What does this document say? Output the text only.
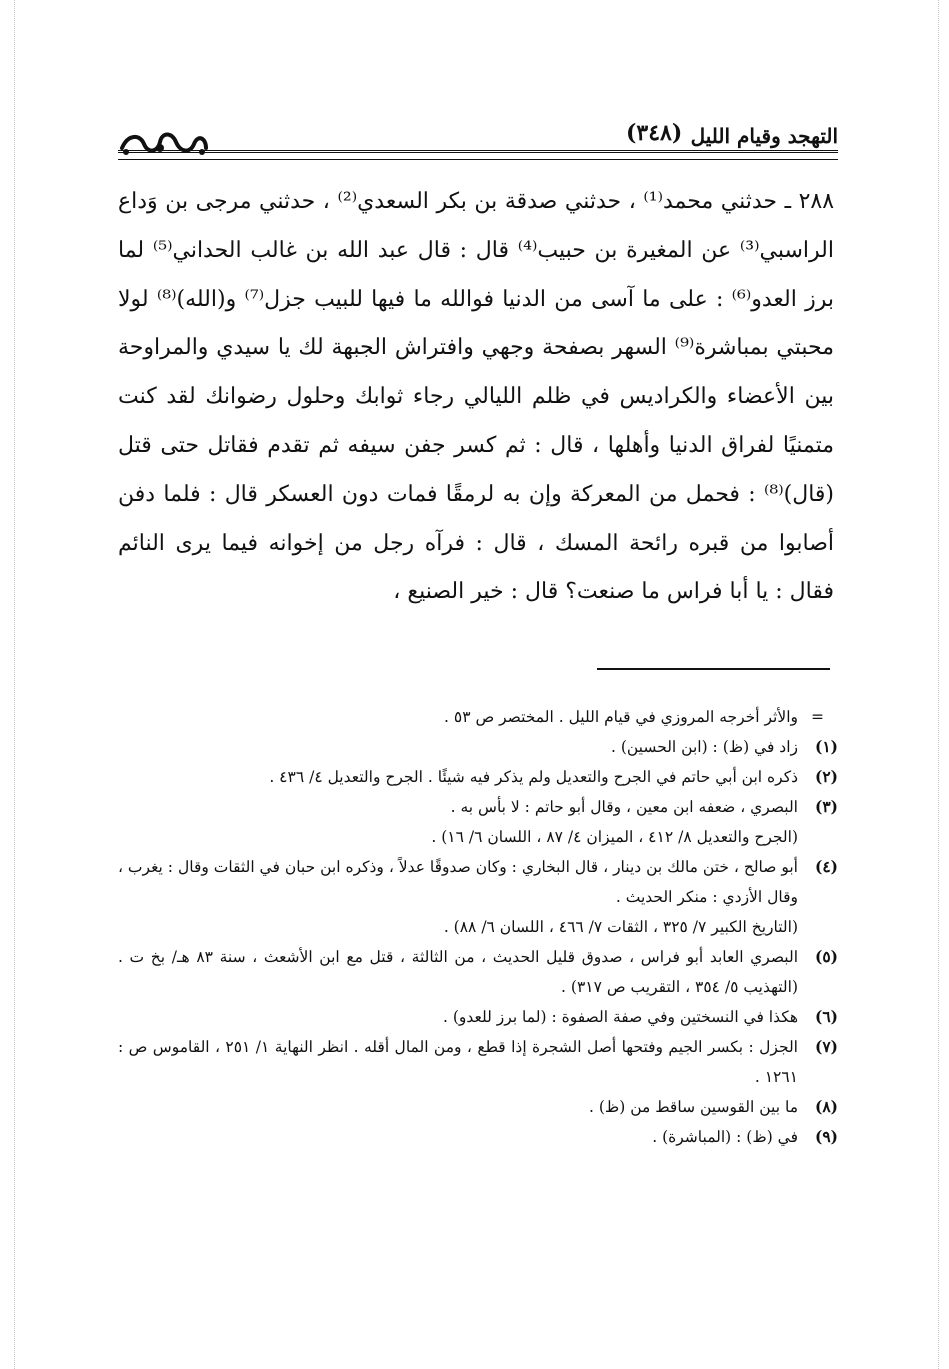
(٣٤٨) التهجد وقيام الليل

٢٨٨ ـ حدثني محمد⁽¹⁾ ، حدثني صدقة بن بكر السعدي⁽²⁾ ، حدثني مرجى بن وَداع الراسبي⁽³⁾ عن المغيرة بن حبيب⁽⁴⁾ قال : قال عبد الله بن غالب الحداني⁽⁵⁾ لما برز العدو⁽⁶⁾ : على ما آسى من الدنيا فوالله ما فيها للبيب جزل⁽⁷⁾ و(الله)⁽⁸⁾ لولا محبتي بمباشرة⁽⁹⁾ السهر بصفحة وجهي وافتراش الجبهة لك يا سيدي والمراوحة بين الأعضاء والكراديس في ظلم الليالي رجاء ثوابك وحلول رضوانك لقد كنت متمنيًا لفراق الدنيا وأهلها ، قال : ثم كسر جفن سيفه ثم تقدم فقاتل حتى قتل (قال)⁽⁸⁾ : فحمل من المعركة وإن به لرمقًا فمات دون العسكر قال : فلما دفن أصابوا من قبره رائحة المسك ، قال : فرآه رجل من إخوانه فيما يرى النائم فقال : يا أبا فراس ما صنعت؟ قال : خير الصنيع ،

=
والأثر أخرجه المروزي في قيام الليل . المختصر ص ٥٣ .
(١)
زاد في (ظ) : (ابن الحسين) .
(٢)
ذكره ابن أبي حاتم في الجرح والتعديل ولم يذكر فيه شيئًا . الجرح والتعديل ٤/ ٤٣٦ .
(٣)
البصري ، ضعفه ابن معين ، وقال أبو حاتم : لا بأس به .
(الجرح والتعديل ٨/ ٤١٢ ، الميزان ٤/ ٨٧ ، اللسان ٦/ ١٦) .
(٤)
أبو صالح ، ختن مالك بن دينار ، قال البخاري : وكان صدوقًا عدلاً ، وذكره ابن حبان في الثقات وقال : يغرب ، وقال الأزدي : منكر الحديث .
(التاريخ الكبير ٧/ ٣٢٥ ، الثقات ٧/ ٤٦٦ ، اللسان ٦/ ٨٨) .
(٥)
البصري العابد أبو فراس ، صدوق قليل الحديث ، من الثالثة ، قتل مع ابن الأشعث ، سنة ٨٣ هـ/ بخ ت . (التهذيب ٥/ ٣٥٤ ، التقريب ص ٣١٧) .
(٦)
هكذا في النسختين وفي صفة الصفوة : (لما برز للعدو) .
(٧)
الجزل : بكسر الجيم وفتحها أصل الشجرة إذا قطع ، ومن المال أقله . انظر النهاية ١/ ٢٥١ ، القاموس ص : ١٢٦١ .
(٨)
ما بين القوسين ساقط من (ظ) .
(٩)
في (ظ) : (المباشرة) .
